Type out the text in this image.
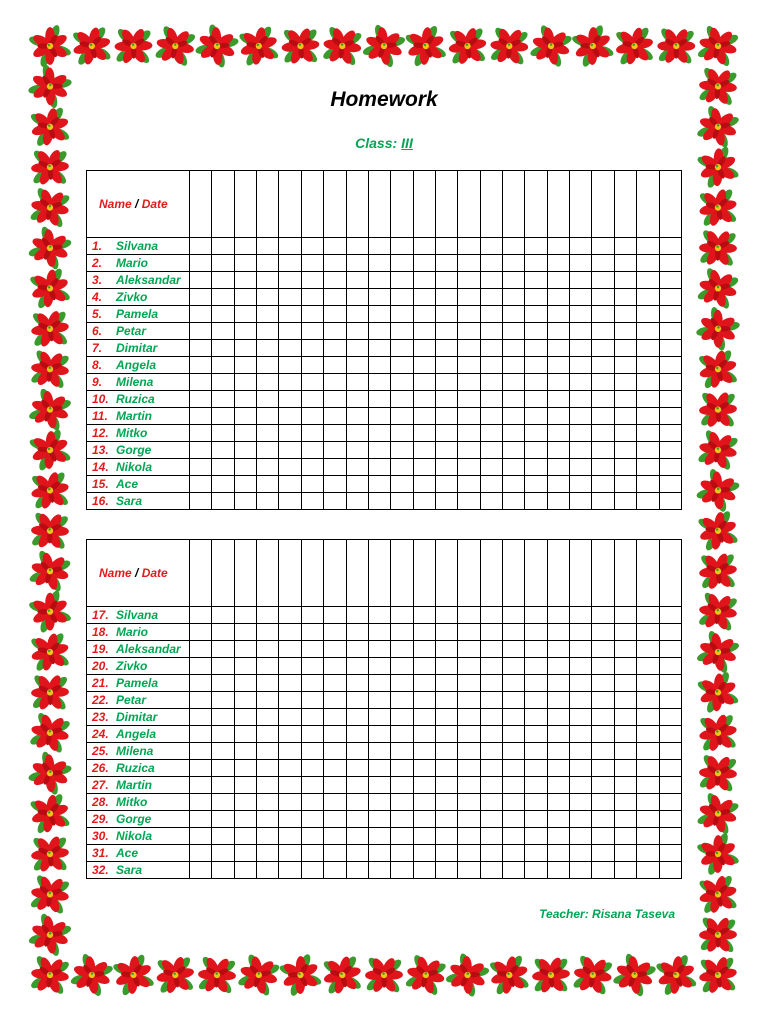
Homework
Class: III
Name / Date																						
1. Silvana																						
2. Mario																						
3. Aleksandar																						
4. Zivko																						
5. Pamela																						
6. Petar																						
7. Dimitar																						
8. Angela																						
9. Milena																						
10. Ruzica																						
11. Martin																						
12. Mitko																						
13. Gorge																						
14. Nikola																						
15. Ace																						
16. Sara																						
Name / Date																						
17. Silvana																						
18. Mario																						
19. Aleksandar																						
20. Zivko																						
21. Pamela																						
22. Petar																						
23. Dimitar																						
24. Angela																						
25. Milena																						
26. Ruzica																						
27. Martin																						
28. Mitko																						
29. Gorge																						
30. Nikola																						
31. Ace																						
32. Sara																						
Teacher: Risana Taseva
